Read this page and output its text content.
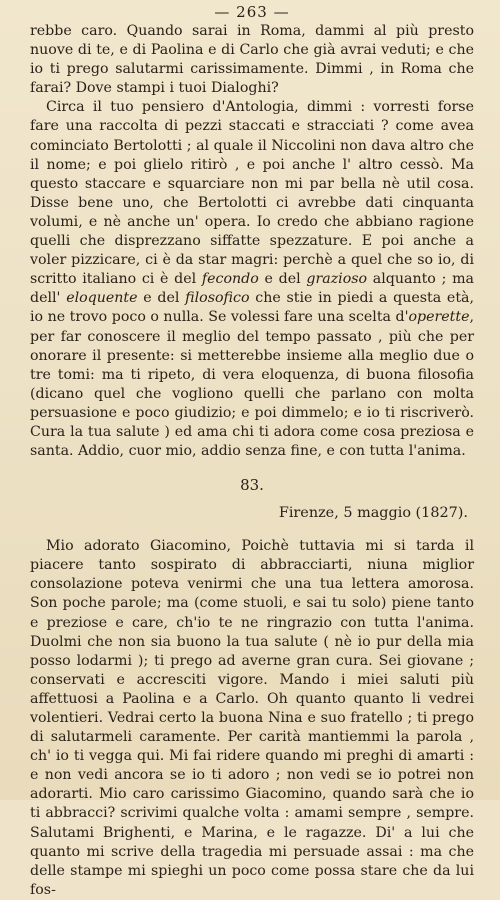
— 263 —

rebbe caro. Quando sarai in Roma, dammi al più presto nuove di te, e di Paolina e di Carlo che già avrai veduti; e che io ti prego salutarmi carissimamente. Dimmi , in Roma che farai? Dove stampi i tuoi Dialoghi?

Circa il tuo pensiero d'Antologia, dimmi : vorresti forse fare una raccolta di pezzi staccati e stracciati ? come avea cominciato Bertolotti ; al quale il Niccolini non dava altro che il nome; e poi glielo ritirò , e poi anche l' altro cessò. Ma questo staccare e squarciare non mi par bella nè util cosa. Disse bene uno, che Bertolotti ci avrebbe dati cinquanta volumi, e nè anche un' opera. Io credo che abbiano ragione quelli che disprezzano siffatte spezzature. E poi anche a voler pizzicare, ci è da star magri: perchè a quel che so io, di scritto italiano ci è del fecondo e del grazioso alquanto ; ma dell' eloquente e del filosofico che stie in piedi a questa età, io ne trovo poco o nulla. Se volessi fare una scelta d'operette, per far conoscere il meglio del tempo passato , più che per onorare il presente: si metterebbe insieme alla meglio due o tre tomi: ma ti ripeto, di vera eloquenza, di buona filosofia (dicano quel che vogliono quelli che parlano con molta persuasione e poco giudizio; e poi dimmelo; e io ti riscriverò. Cura la tua salute ) ed ama chi ti adora come cosa preziosa e santa. Addio, cuor mio, addio senza fine, e con tutta l'anima.

83.
Firenze, 5 maggio (1827).

Mio adorato Giacomino, Poichè tuttavia mi si tarda il piacere tanto sospirato di abbracciarti, niuna miglior consolazione poteva venirmi che una tua lettera amorosa. Son poche parole; ma (come stuoli, e sai tu solo) piene tanto e preziose e care, ch'io te ne ringrazio con tutta l'anima. Duolmi che non sia buono la tua salute ( nè io pur della mia posso lodarmi ); ti prego ad averne gran cura. Sei giovane ; conservati e accresciti vigore. Mando i miei saluti più affettuosi a Paolina e a Carlo. Oh quanto quanto li vedrei volentieri. Vedrai certo la buona Nina e suo fratello ; ti prego di salutarmeli caramente. Per carità mantiemmi la parola , ch' io ti vegga qui. Mi fai ridere quando mi preghi di amarti : e non vedi ancora se io ti adoro ; non vedi se io potrei non adorarti. Mio caro carissimo Giacomino, quando sarà che io ti abbracci? scrivimi qualche volta : amami sempre , sempre. Salutami Brighenti, e Marina, e le ragazze. Di' a lui che quanto mi scrive della tragedia mi persuade assai : ma che delle stampe mi spieghi un poco come possa stare che da lui fos-
